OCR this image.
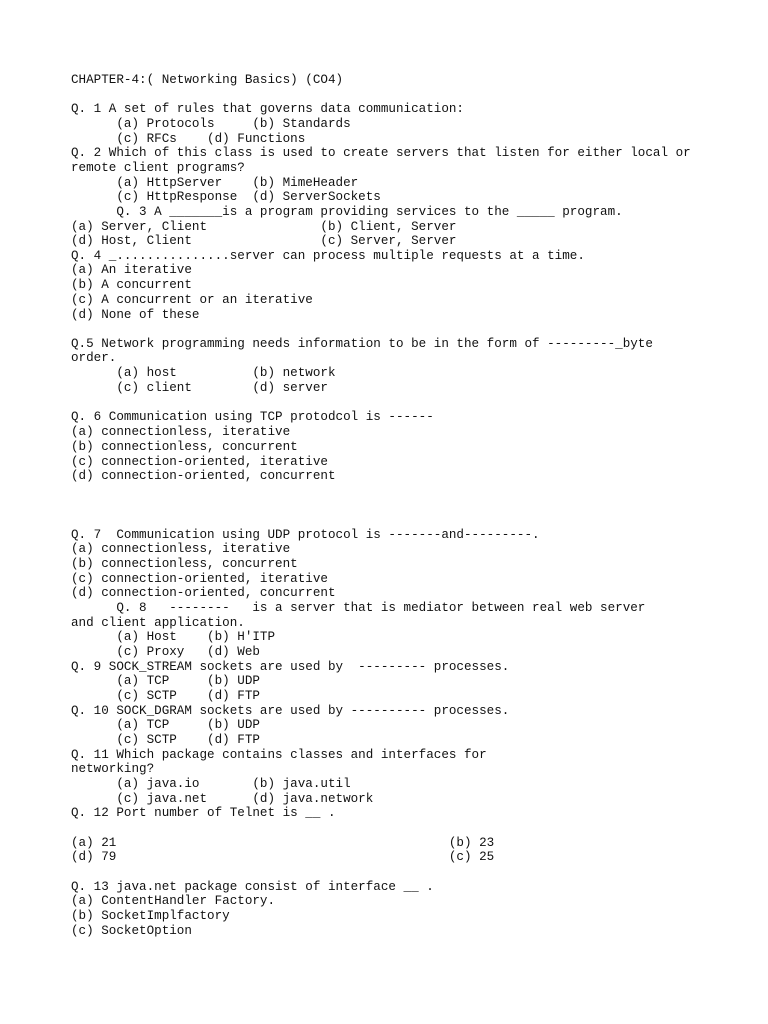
CHAPTER-4:( Networking Basics) (CO4)
Q. 1 A set of rules that governs data communication:
(a) Protocols     (b) Standards
(c) RFCs    (d) Functions
Q. 2 Which of this class is used to create servers that listen for either local or
remote client programs?
(a) HttpServer    (b) MimeHeader
(c) HttpResponse  (d) ServerSockets
Q. 3 A _______is a program providing services to the _____ program.
(a) Server, Client               (b) Client, Server
(d) Host, Client                 (c) Server, Server
Q. 4 _...............server can process multiple requests at a time.
(a) An iterative
(b) A concurrent
(c) A concurrent or an iterative
(d) None of these
Q.5 Network programming needs information to be in the form of ---------_byte
order.
(a) host          (b) network
(c) client        (d) server
Q. 6 Communication using TCP protodcol is ------
(a) connectionless, iterative
(b) connectionless, concurrent
(c) connection-oriented, iterative
(d) connection-oriented, concurrent
Q. 7  Communication using UDP protocol is -------and---------.
(a) connectionless, iterative
(b) connectionless, concurrent
(c) connection-oriented, iterative
(d) connection-oriented, concurrent
Q. 8   --------   is a server that is mediator between real web server
and client application.
(a) Host    (b) H'ITP
(c) Proxy   (d) Web
Q. 9 SOCK_STREAM sockets are used by  --------- processes.
(a) TCP     (b) UDP
(c) SCTP    (d) FTP
Q. 10 SOCK_DGRAM sockets are used by ---------- processes.
(a) TCP     (b) UDP
(c) SCTP    (d) FTP
Q. 11 Which package contains classes and interfaces for
networking?
(a) java.io       (b) java.util
(c) java.net      (d) java.network
Q. 12 Port number of Telnet is __ .
(a) 21                                            (b) 23
(d) 79                                            (c) 25
Q. 13 java.net package consist of interface __ .
(a) ContentHandler Factory.
(b) SocketImplfactory
(c) SocketOption
